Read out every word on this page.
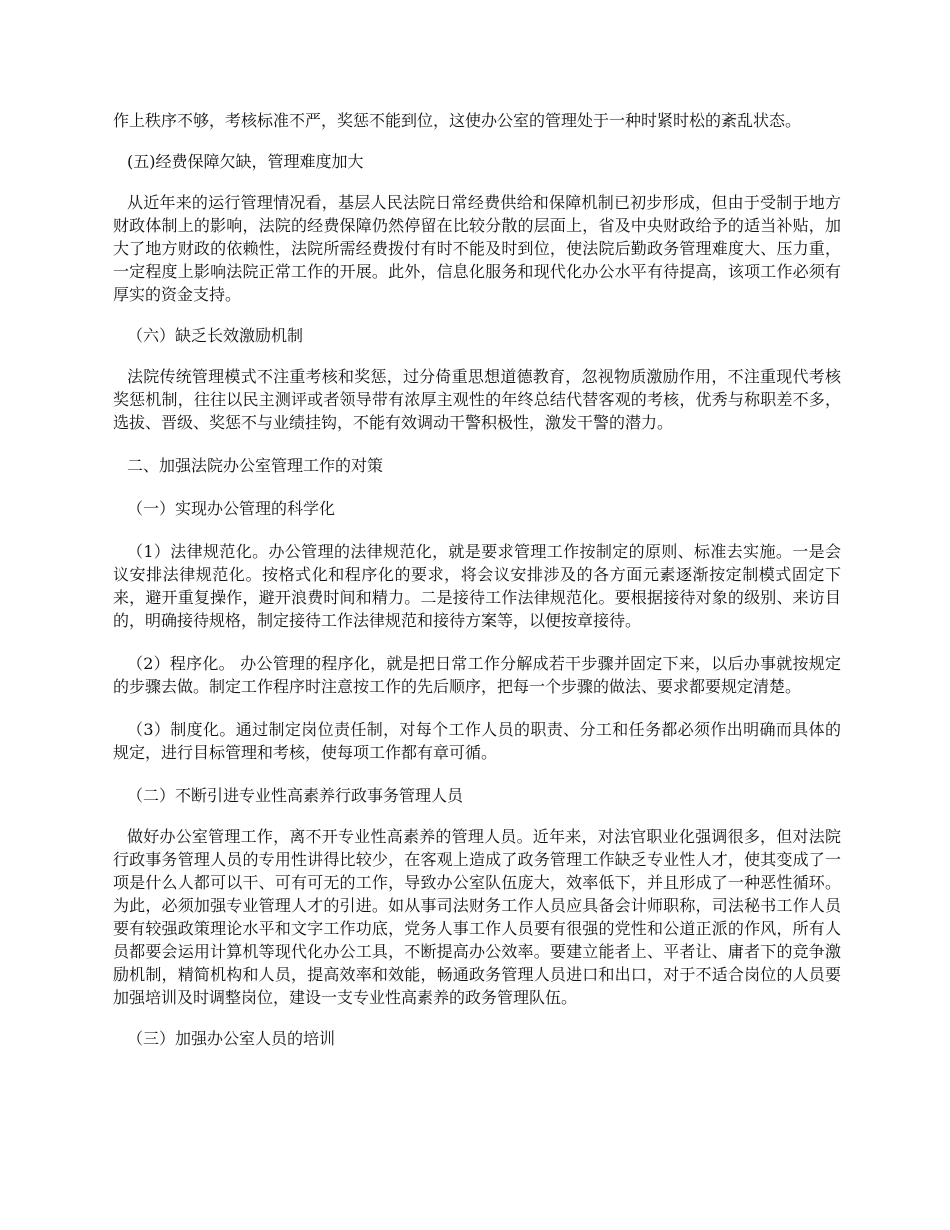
作上秩序不够，考核标准不严，奖惩不能到位，这使办公室的管理处于一种时紧时松的紊乱状态。

(五)经费保障欠缺，管理难度加大

从近年来的运行管理情况看，基层人民法院日常经费供给和保障机制已初步形成，但由于受制于地方财政体制上的影响，法院的经费保障仍然停留在比较分散的层面上，省及中央财政给予的适当补贴，加大了地方财政的依赖性，法院所需经费拨付有时不能及时到位，使法院后勤政务管理难度大、压力重，一定程度上影响法院正常工作的开展。此外，信息化服务和现代化办公水平有待提高，该项工作必须有厚实的资金支持。

（六）缺乏长效激励机制

法院传统管理模式不注重考核和奖惩，过分倚重思想道德教育，忽视物质激励作用，不注重现代考核奖惩机制，往往以民主测评或者领导带有浓厚主观性的年终总结代替客观的考核，优秀与称职差不多，选拔、晋级、奖惩不与业绩挂钩，不能有效调动干警积极性，激发干警的潜力。

二、加强法院办公室管理工作的对策

（一）实现办公管理的科学化

（1）法律规范化。办公管理的法律规范化，就是要求管理工作按制定的原则、标准去实施。一是会议安排法律规范化。按格式化和程序化的要求，将会议安排涉及的各方面元素逐渐按定制模式固定下来，避开重复操作，避开浪费时间和精力。二是接待工作法律规范化。要根据接待对象的级别、来访目的，明确接待规格，制定接待工作法律规范和接待方案等，以便按章接待。

（2）程序化。 办公管理的程序化，就是把日常工作分解成若干步骤并固定下来，以后办事就按规定的步骤去做。制定工作程序时注意按工作的先后顺序，把每一个步骤的做法、要求都要规定清楚。

（3）制度化。通过制定岗位责任制，对每个工作人员的职责、分工和任务都必须作出明确而具体的规定，进行目标管理和考核，使每项工作都有章可循。

（二）不断引进专业性高素养行政事务管理人员

做好办公室管理工作，离不开专业性高素养的管理人员。近年来，对法官职业化强调很多，但对法院行政事务管理人员的专用性讲得比较少，在客观上造成了政务管理工作缺乏专业性人才，使其变成了一项是什么人都可以干、可有可无的工作，导致办公室队伍庞大，效率低下，并且形成了一种恶性循环。为此，必须加强专业管理人才的引进。如从事司法财务工作人员应具备会计师职称，司法秘书工作人员要有较强政策理论水平和文字工作功底，党务人事工作人员要有很强的党性和公道正派的作风，所有人员都要会运用计算机等现代化办公工具，不断提高办公效率。要建立能者上、平者让、庸者下的竞争激励机制，精简机构和人员，提高效率和效能，畅通政务管理人员进口和出口，对于不适合岗位的人员要加强培训及时调整岗位，建设一支专业性高素养的政务管理队伍。

（三）加强办公室人员的培训
